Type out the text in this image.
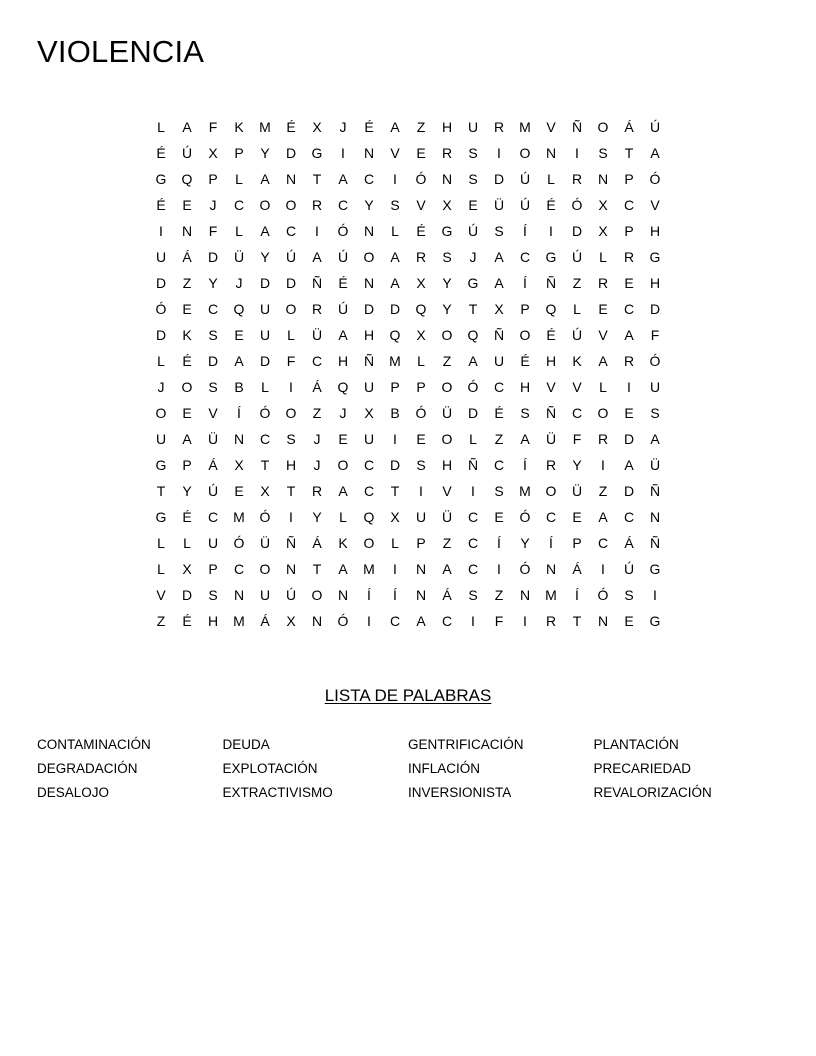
VIOLENCIA
L	A	F	K	M	É	X	J	É	A	Z	H	U	R	M	V	Ñ	O	Á	Ú
É	Ú	X	P	Y	D	G	I	N	V	E	R	S	I	O	N	I	S	T	A
G	Q	P	L	A	N	T	A	C	I	Ó	N	S	D	Ú	L	R	N	P	Ó
É	E	J	C	O	O	R	C	Y	S	V	X	E	Ü	Ú	É	Ó	X	C	V
I	N	F	L	A	C	I	Ó	N	L	É	G	Ú	S	Í	I	D	X	P	H
U	Á	D	Ü	Y	Ú	A	Ú	O	A	R	S	J	A	C	G	Ú	L	R	G
D	Z	Y	J	D	D	Ñ	É	N	A	X	Y	G	A	Í	Ñ	Z	R	E	H
Ó	E	C	Q	U	O	R	Ú	D	D	Q	Y	T	X	P	Q	L	E	C	D
D	K	S	E	U	L	Ü	A	H	Q	X	O	Q	Ñ	O	É	Ú	V	A	F
L	É	D	A	D	F	C	H	Ñ	M	L	Z	A	U	É	H	K	A	R	Ó
J	O	S	B	L	I	Á	Q	U	P	P	O	Ó	C	H	V	V	L	I	U
O	E	V	Í	Ó	O	Z	J	X	B	Ó	Ü	D	É	S	Ñ	C	O	E	S
U	A	Ü	N	C	S	J	E	U	I	E	O	L	Z	A	Ü	F	R	D	A
G	P	Á	X	T	H	J	O	C	D	S	H	Ñ	C	Í	R	Y	I	A	Ü
T	Y	Ú	E	X	T	R	A	C	T	I	V	I	S	M	O	Ü	Z	D	Ñ
G	É	C	M	Ó	I	Y	L	Q	X	U	Ü	C	E	Ó	C	E	A	C	N
L	L	U	Ó	Ü	Ñ	Á	K	O	L	P	Z	C	Í	Y	Í	P	C	Á	Ñ
L	X	P	C	O	N	T	A	M	I	N	A	C	I	Ó	N	Á	I	Ú	G
V	D	S	N	U	Ú	O	N	Í	Í	N	Á	S	Z	N	M	Í	Ó	S	I
Z	É	H	M	Á	X	N	Ó	I	C	A	C	I	F	I	R	T	N	E	G
LISTA DE PALABRAS
CONTAMINACIÓN	DEUDA	GENTRIFICACIÓN	PLANTACIÓN
DEGRADACIÓN	EXPLOTACIÓN	INFLACIÓN	PRECARIEDAD
DESALOJO	EXTRACTIVISMO	INVERSIONISTA	REVALORIZACIÓN
